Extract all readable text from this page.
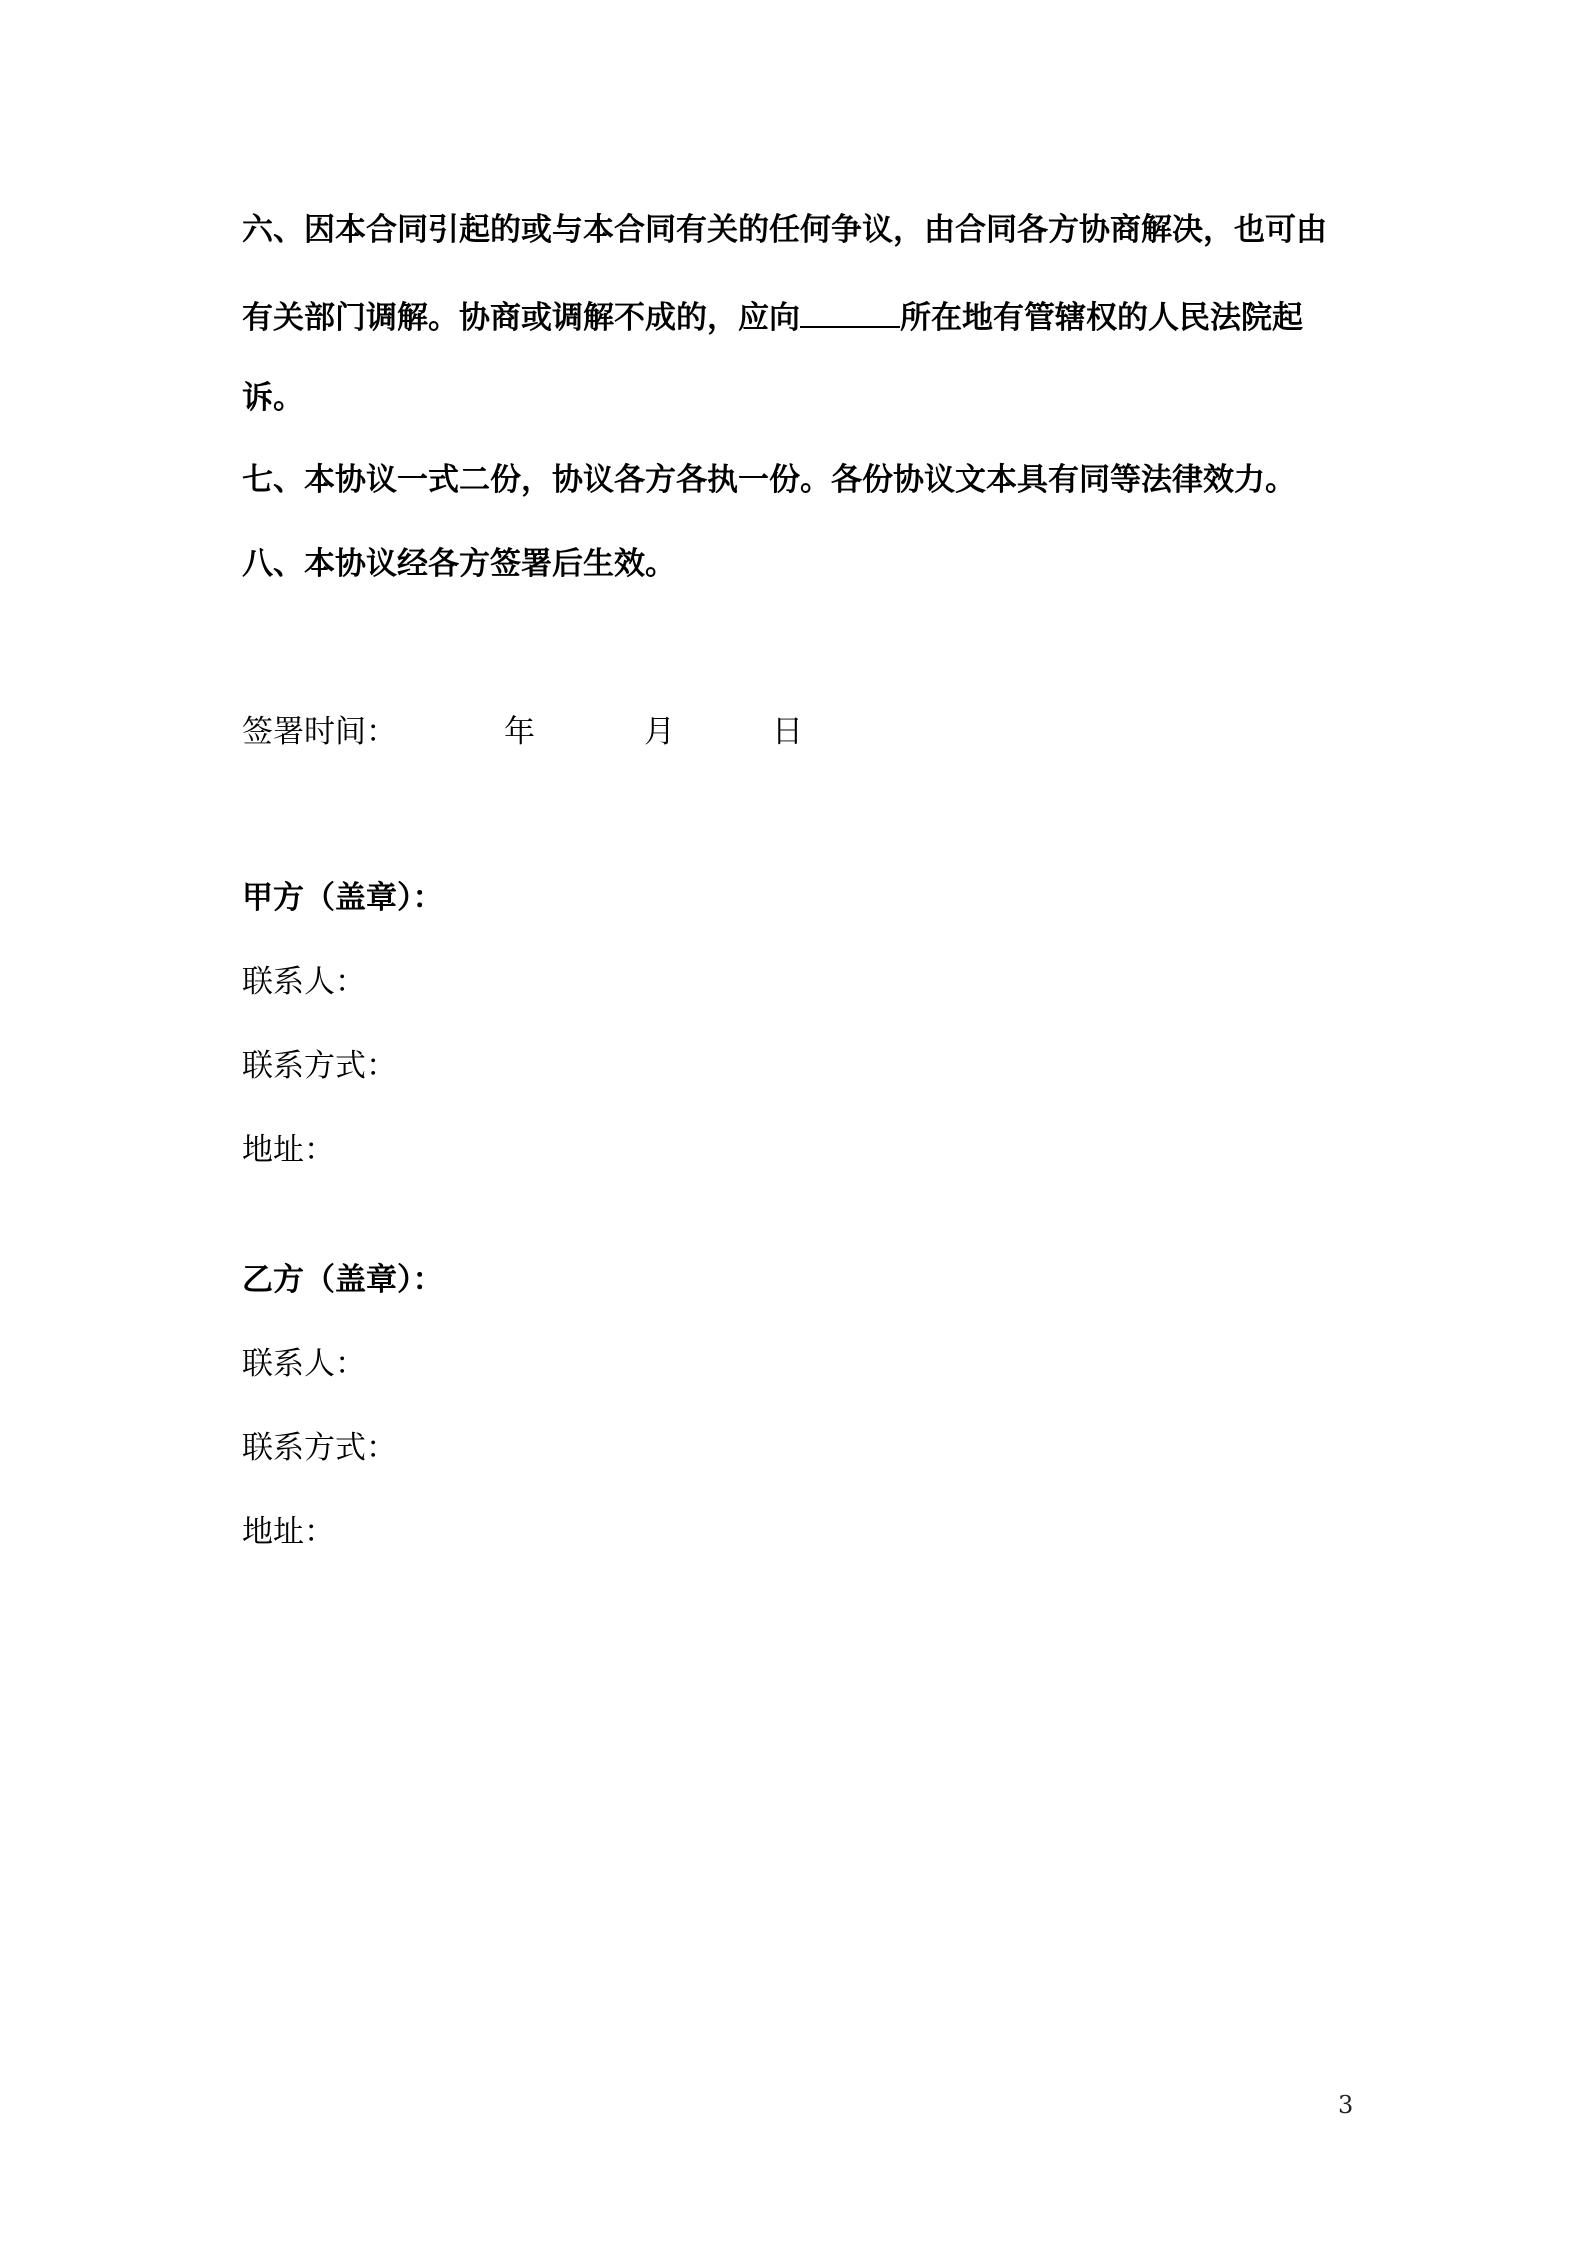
六、因本合同引起的或与本合同有关的任何争议，由合同各方协商解决，也可由
有关部门调解。协商或调解不成的，应向	所在地有管辖权的人民法院起
诉。
七、本协议一式二份，协议各方各执一份。各份协议文本具有同等法律效力。
八、本协议经各方签署后生效。
签署时间：	年	月	日
甲方（盖章）：
联系人：
联系方式：
地址：
乙方（盖章）：
联系人：
联系方式：
地址：
3
